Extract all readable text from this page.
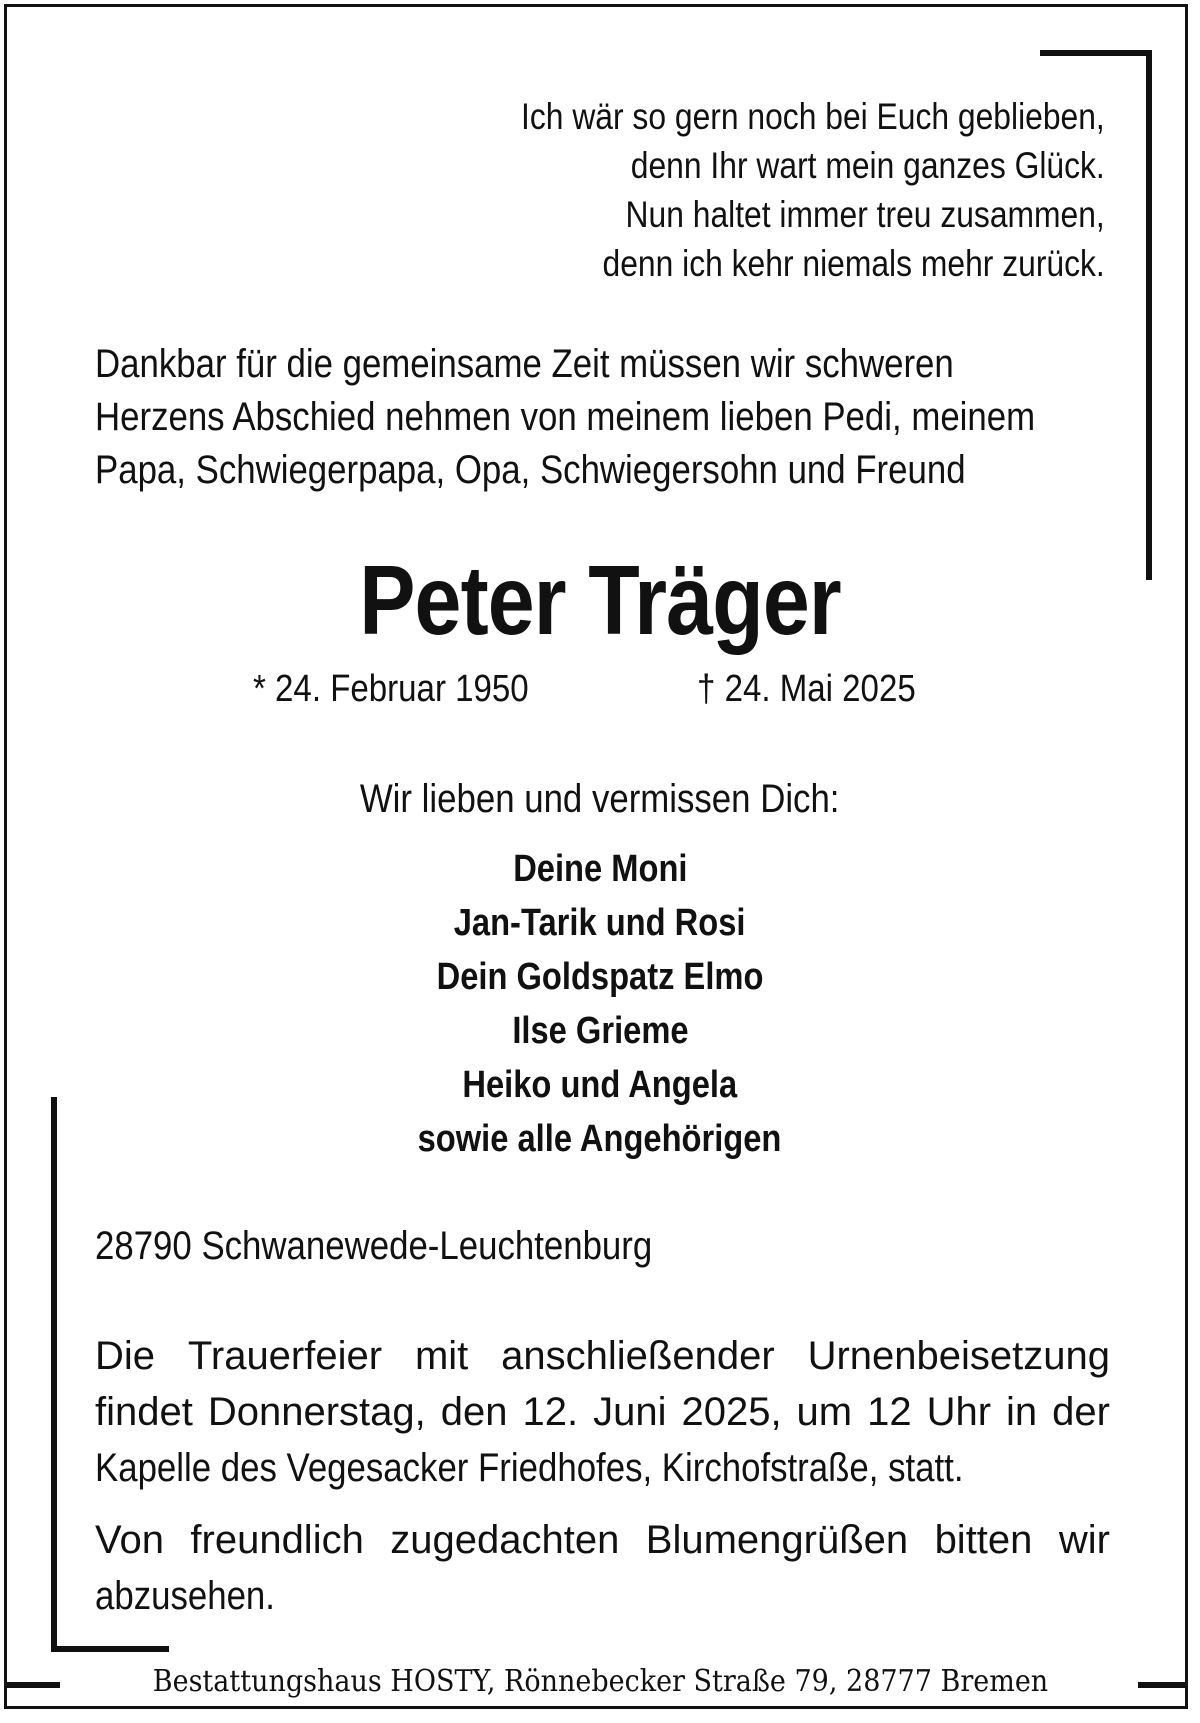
Ich wär so gern noch bei Euch geblieben,
denn Ihr wart mein ganzes Glück.
Nun haltet immer treu zusammen,
denn ich kehr niemals mehr zurück.
Dankbar für die gemeinsame Zeit müssen wir schweren
Herzens Abschied nehmen von meinem lieben Pedi, meinem
Papa, Schwiegerpapa, Opa, Schwiegersohn und Freund
Peter Träger
* 24. Februar 1950	† 24. Mai 2025
Wir lieben und vermissen Dich:
Deine Moni
Jan-Tarik und Rosi
Dein Goldspatz Elmo
Ilse Grieme
Heiko und Angela
sowie alle Angehörigen
28790 Schwanewede-Leuchtenburg
Die Trauerfeier mit anschließender Urnenbeisetzung
findet Donnerstag, den 12. Juni 2025, um 12 Uhr in der
Kapelle des Vegesacker Friedhofes, Kirchofstraße, statt.
Von freundlich zugedachten Blumengrüßen bitten wir
abzusehen.
Bestattungshaus HOSTY, Rönnebecker Straße 79, 28777 Bremen
